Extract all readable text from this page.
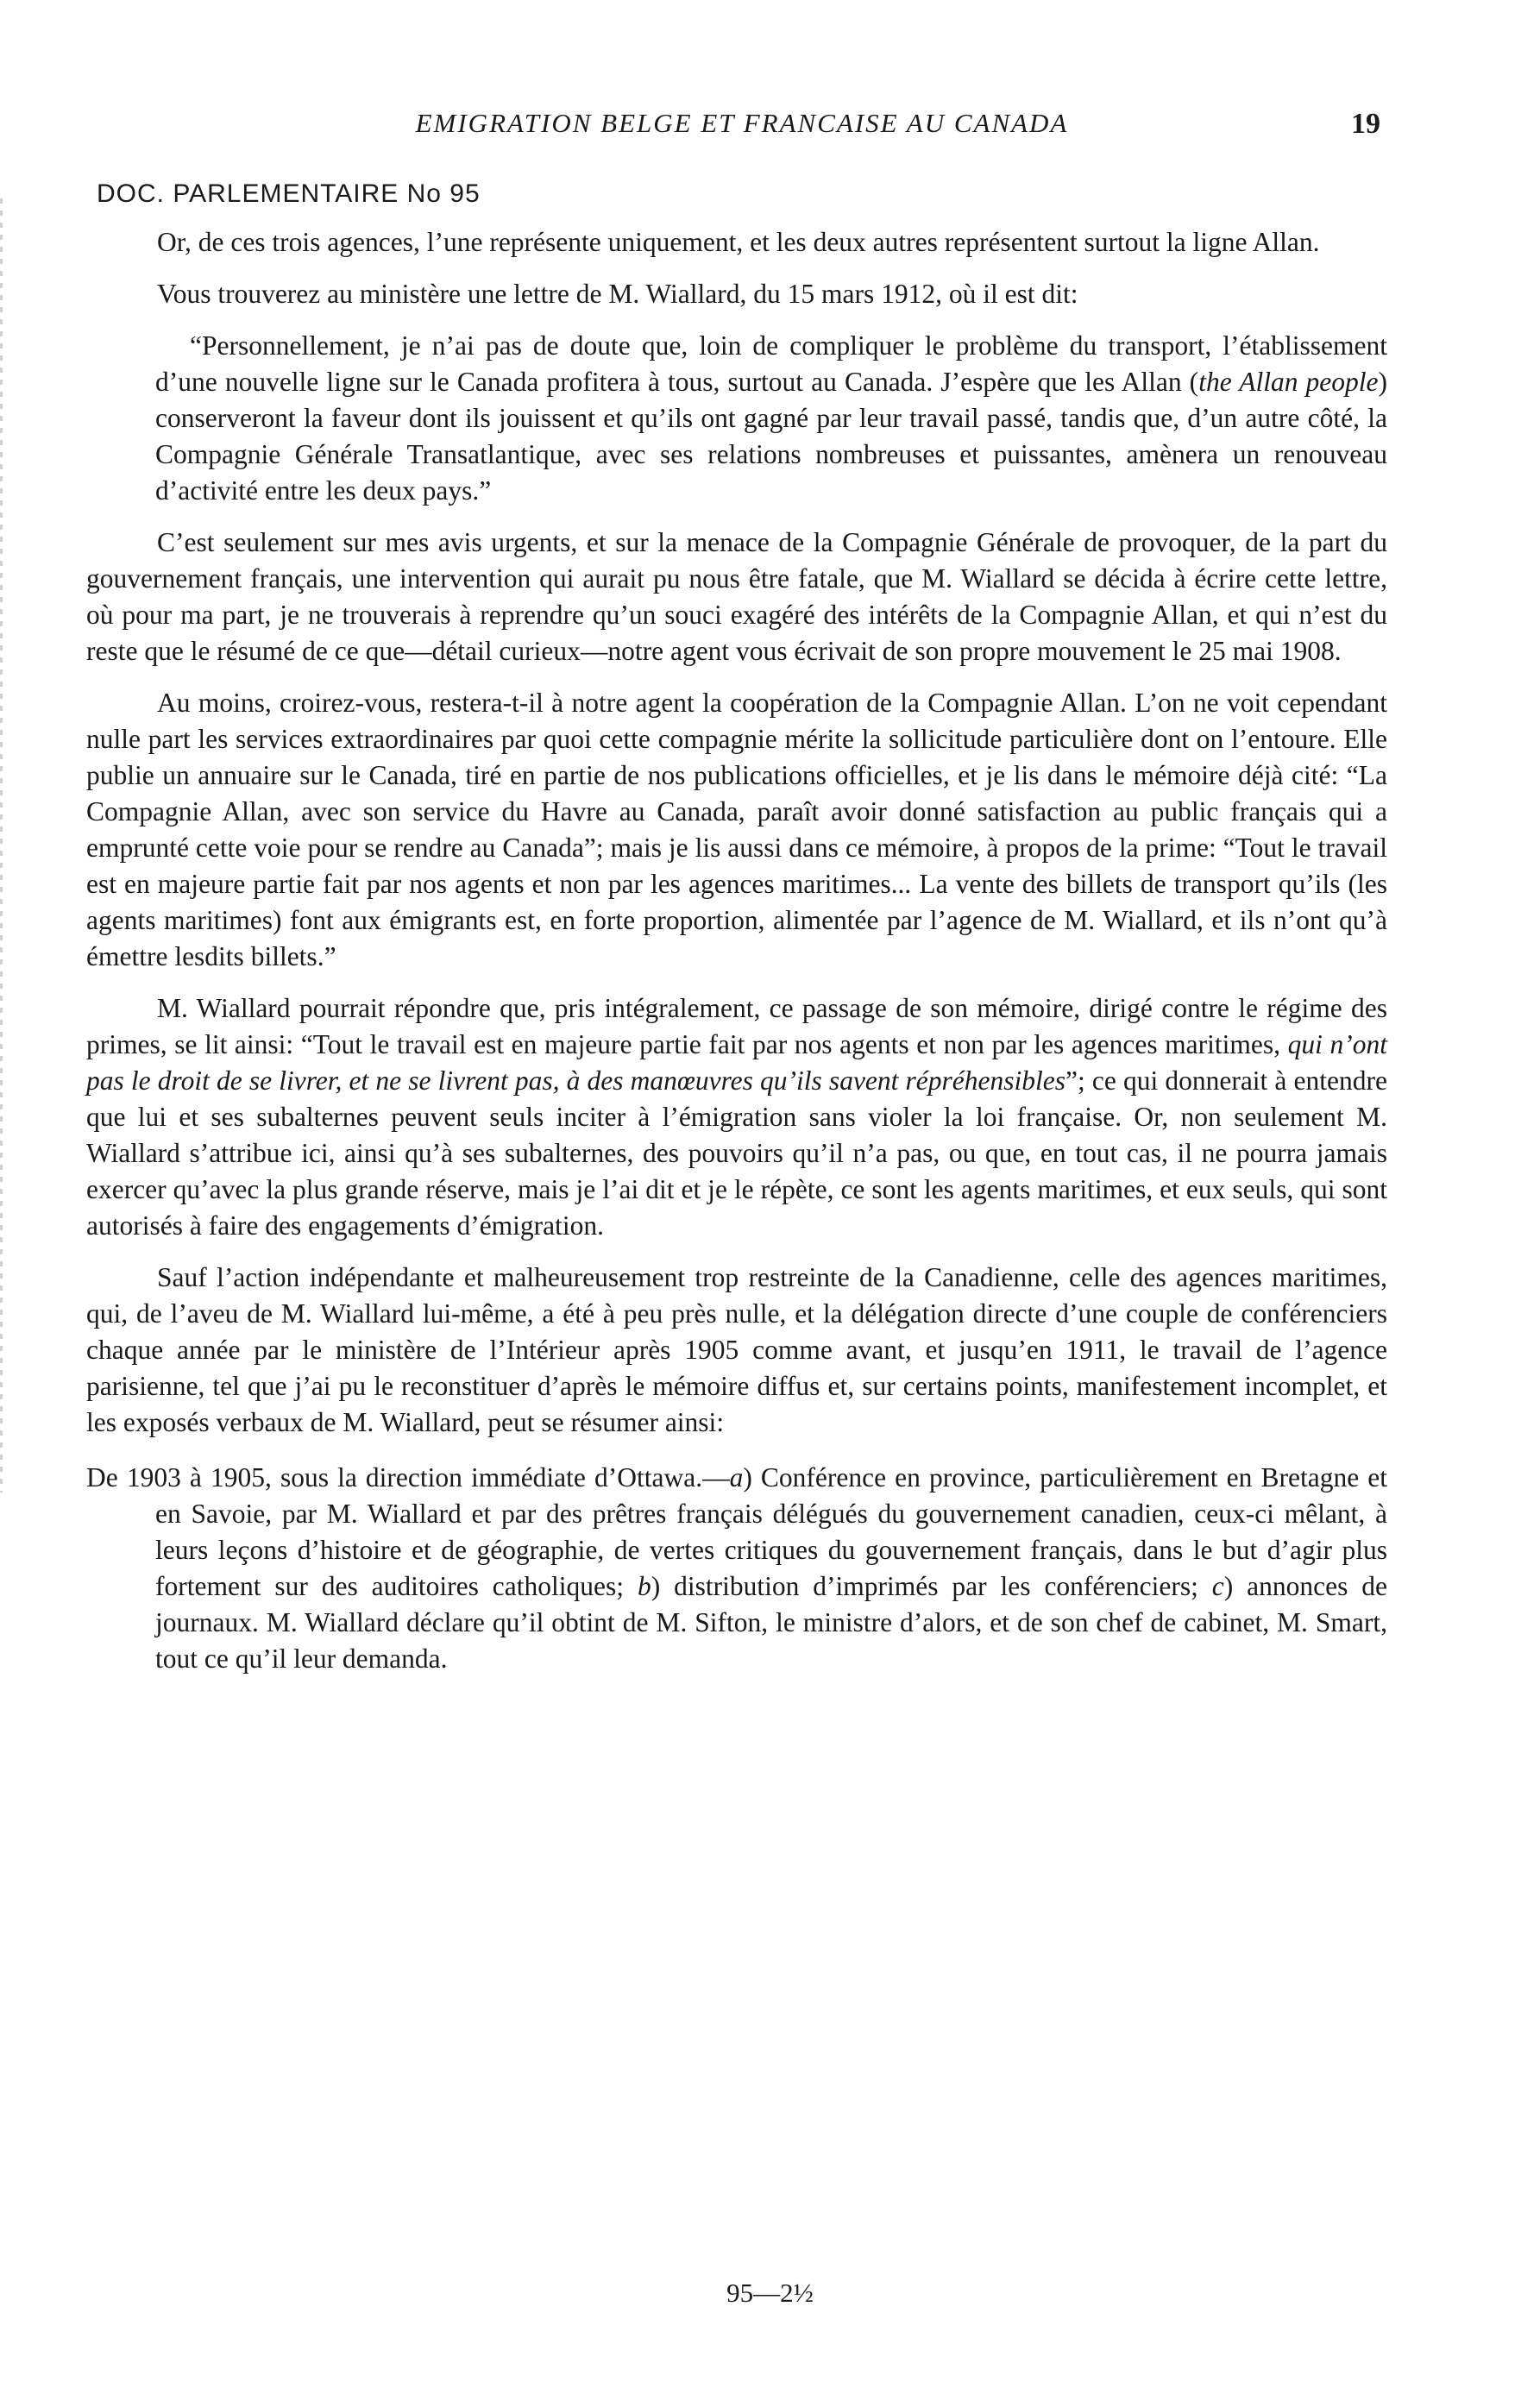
EMIGRATION BELGE ET FRANCAISE AU CANADA	19
DOC. PARLEMENTAIRE No 95

Or, de ces trois agences, l’une représente uniquement, et les deux autres représentent surtout la ligne Allan.

Vous trouverez au ministère une lettre de M. Wiallard, du 15 mars 1912, où il est dit:

“Personnellement, je n’ai pas de doute que, loin de compliquer le problème du transport, l’établissement d’une nouvelle ligne sur le Canada profitera à tous, surtout au Canada. J’espère que les Allan (the Allan people) conserveront la faveur dont ils jouissent et qu’ils ont gagné par leur travail passé, tandis que, d’un autre côté, la Compagnie Générale Transatlantique, avec ses relations nombreuses et puissantes, amènera un renouveau d’activité entre les deux pays.”

C’est seulement sur mes avis urgents, et sur la menace de la Compagnie Générale de provoquer, de la part du gouvernement français, une intervention qui aurait pu nous être fatale, que M. Wiallard se décida à écrire cette lettre, où pour ma part, je ne trouverais à reprendre qu’un souci exagéré des intérêts de la Compagnie Allan, et qui n’est du reste que le résumé de ce que—détail curieux—notre agent vous écrivait de son propre mouvement le 25 mai 1908.

Au moins, croirez-vous, restera-t-il à notre agent la coopération de la Compagnie Allan. L’on ne voit cependant nulle part les services extraordinaires par quoi cette compagnie mérite la sollicitude particulière dont on l’entoure. Elle publie un annuaire sur le Canada, tiré en partie de nos publications officielles, et je lis dans le mémoire déjà cité: “La Compagnie Allan, avec son service du Havre au Canada, paraît avoir donné satisfaction au public français qui a emprunté cette voie pour se rendre au Canada”; mais je lis aussi dans ce mémoire, à propos de la prime: “Tout le travail est en majeure partie fait par nos agents et non par les agences maritimes... La vente des billets de transport qu’ils (les agents maritimes) font aux émigrants est, en forte proportion, alimentée par l’agence de M. Wiallard, et ils n’ont qu’à émettre lesdits billets.”

M. Wiallard pourrait répondre que, pris intégralement, ce passage de son mémoire, dirigé contre le régime des primes, se lit ainsi: “Tout le travail est en majeure partie fait par nos agents et non par les agences maritimes, qui n’ont pas le droit de se livrer, et ne se livrent pas, à des manœuvres qu’ils savent répréhensibles”; ce qui donnerait à entendre que lui et ses subalternes peuvent seuls inciter à l’émigration sans violer la loi française. Or, non seulement M. Wiallard s’attribue ici, ainsi qu’à ses subalternes, des pouvoirs qu’il n’a pas, ou que, en tout cas, il ne pourra jamais exercer qu’avec la plus grande réserve, mais je l’ai dit et je le répète, ce sont les agents maritimes, et eux seuls, qui sont autorisés à faire des engagements d’émigration.

Sauf l’action indépendante et malheureusement trop restreinte de la Canadienne, celle des agences maritimes, qui, de l’aveu de M. Wiallard lui-même, a été à peu près nulle, et la délégation directe d’une couple de conférenciers chaque année par le ministère de l’Intérieur après 1905 comme avant, et jusqu’en 1911, le travail de l’agence parisienne, tel que j’ai pu le reconstituer d’après le mémoire diffus et, sur certains points, manifestement incomplet, et les exposés verbaux de M. Wiallard, peut se résumer ainsi:

De 1903 à 1905, sous la direction immédiate d’Ottawa.—a) Conférence en province, particulièrement en Bretagne et en Savoie, par M. Wiallard et par des prêtres français délégués du gouvernement canadien, ceux-ci mêlant, à leurs leçons d’histoire et de géographie, de vertes critiques du gouvernement français, dans le but d’agir plus fortement sur des auditoires catholiques; b) distribution d’imprimés par les conférenciers; c) annonces de journaux. M. Wiallard déclare qu’il obtint de M. Sifton, le ministre d’alors, et de son chef de cabinet, M. Smart, tout ce qu’il leur demanda.

95—2½
